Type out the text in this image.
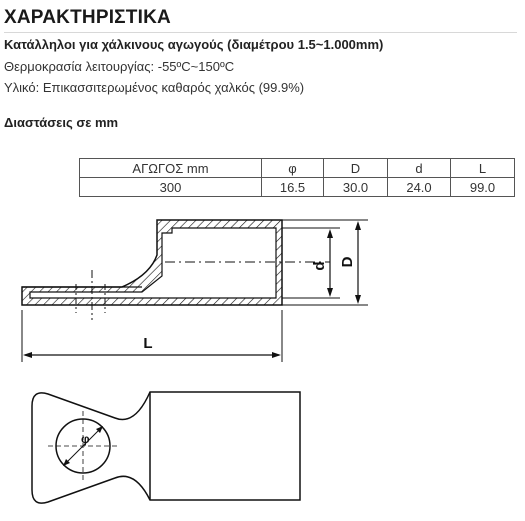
ΧΑΡΑΚΤΗΡΙΣΤΙΚΑ
Κατάλληλοι για χάλκινους αγωγούς (διαμέτρου 1.5~1.000mm)
Θερμοκρασία λειτουργίας: -55ºC~150ºC
Υλικό: Επικασσιτερωμένος καθαρός χαλκός (99.9%)
Διαστάσεις σε mm
ΑΓΩΓΟΣ mm	φ	D	d	L
300	16.5	30.0	24.0	99.0
d D
L
φ
